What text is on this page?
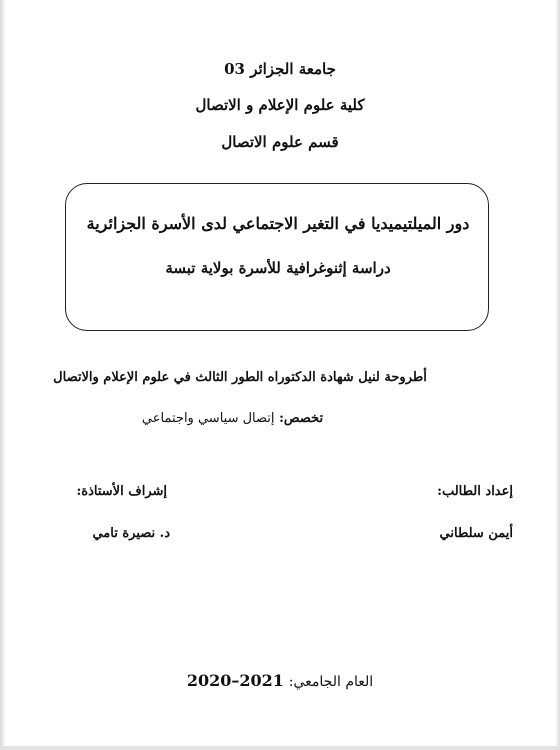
جامعة الجزائر 03
كلية علوم الإعلام و الاتصال
قسم علوم الاتصال
دور الميلتيميديا في التغير الاجتماعي لدى الأسرة الجزائرية
دراسة إثنوغرافية للأسرة بولاية تبسة
أطروحة لنيل شهادة الدكتوراه الطور الثالث في علوم الإعلام والاتصال
تخصص: إتصال سياسي واجتماعي
إعداد الطالب:
إشراف الأستاذة:
أيمن سلطاني
د. نصيرة تامي
العام الجامعي: 2020–2021
